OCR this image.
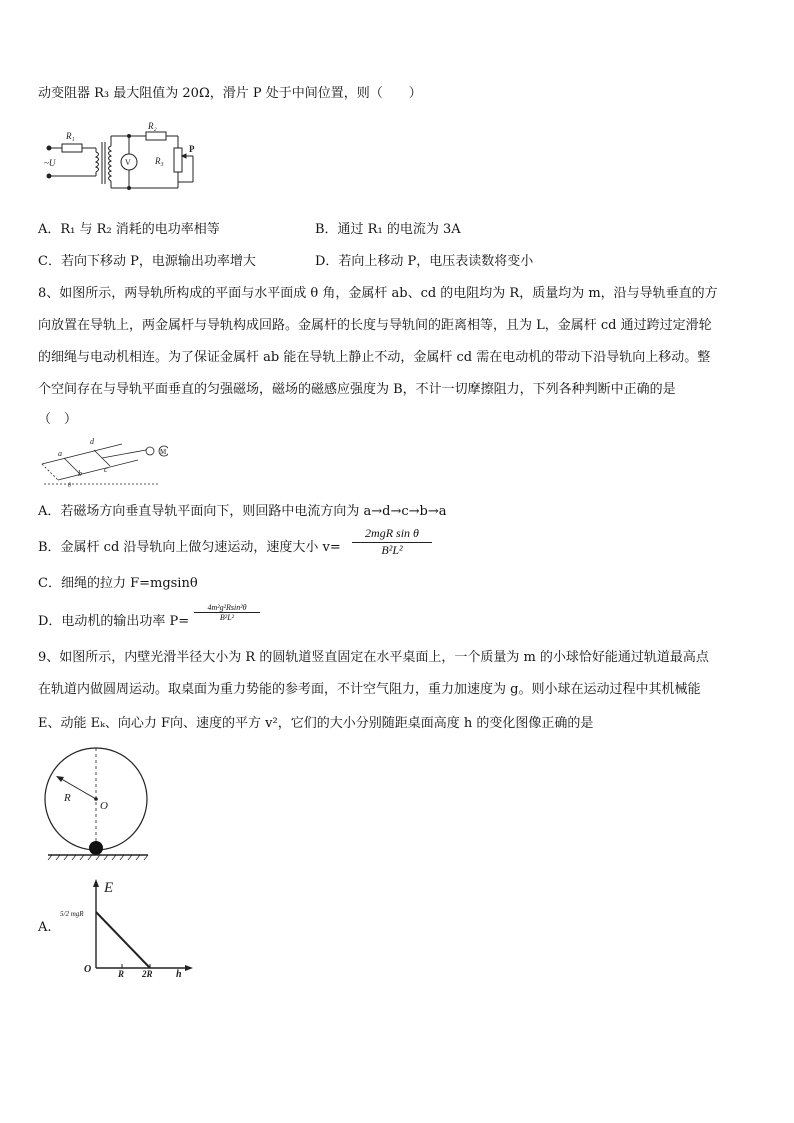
动变阻器 R₃ 最大阻值为 20Ω，滑片 P 处于中间位置，则（　　）
R₁
R₂
R₃
P
~U	V
A．R₁ 与 R₂ 消耗的电功率相等	B．通过 R₁ 的电流为 3A
C．若向下移动 P，电源输出功率增大	D．若向上移动 P，电压表读数将变小
8、如图所示，两导轨所构成的平面与水平面成 θ 角，金属杆 ab、cd 的电阻均为 R，质量均为 m，沿与导轨垂直的方
向放置在导轨上，两金属杆与导轨构成回路。金属杆的长度与导轨间的距离相等，且为 L，金属杆 cd 通过跨过定滑轮
的细绳与电动机相连。为了保证金属杆 ab 能在导轨上静止不动，金属杆 cd 需在电动机的带动下沿导轨向上移动。整
个空间存在与导轨平面垂直的匀强磁场，磁场的磁感应强度为 B，不计一切摩擦阻力，下列各种判断中正确的是
（　）
a
b
d
c
M
θ
A．若磁场方向垂直导轨平面向下，则回路中电流方向为 a→d→c→b→a
B．金属杆 cd 沿导轨向上做匀速运动，速度大小 v=
2mgR sin θ
B²L²
C．细绳的拉力 F=mgsinθ
D．电动机的输出功率 $P= \frac{\text{4m²g²Rsin²θ}}{\text{B²L²}}$
9、如图所示，内壁光滑半径大小为 R 的圆轨道竖直固定在水平桌面上，一个质量为 m 的小球恰好能通过轨道最高点
在轨道内做圆周运动。取桌面为重力势能的参考面，不计空气阻力，重力加速度为 g。则小球在运动过程中其机械能
E、动能 Eₖ、向心力 F向、速度的平方 v²，它们的大小分别随距桌面高度 h 的变化图像正确的是
R
O
A.
E
h
O
5/2 mgR
R 2R
